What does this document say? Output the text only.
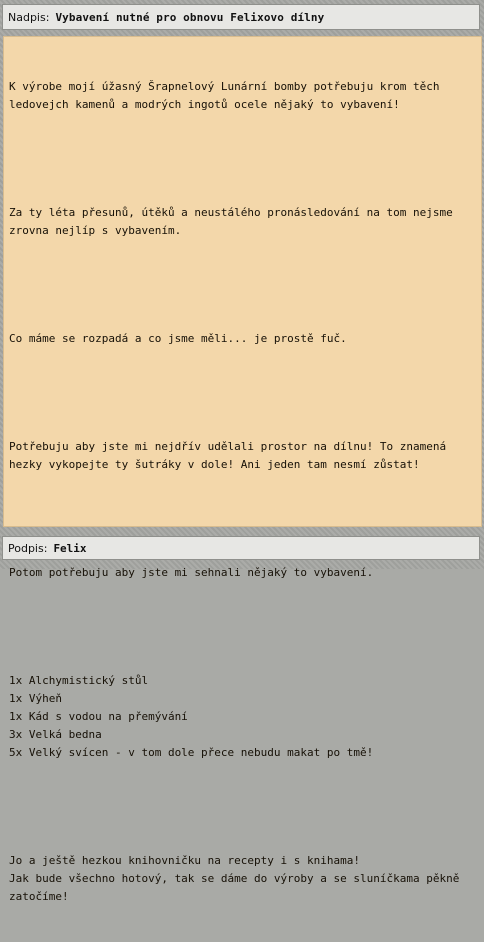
Nadpis: Vybavení nutné pro obnovu Felixovo dílny

K výrobe mojí úžasný Šrapnelový Lunární bomby potřebuju krom těch ledovejch kamenů a modrých ingotů ocele nějaký to vybavení!

Za ty léta přesunů, útěků a neustálého pronásledování na tom nejsme zrovna nejlíp s vybavením.

Co máme se rozpadá a co jsme měli... je prostě fuč.

Potřebuju aby jste mi nejdřív udělali prostor na dílnu! To znamená hezky vykopejte ty šutráky v dole! Ani jeden tam nesmí zůstat!

Potom potřebuju aby jste mi sehnali nějaký to vybavení.

1x Alchymistický stůl
1x Výheň
1x Kád s vodou na přemývání
3x Velká bedna
5x Velký svícen - v tom dole přece nebudu makat po tmě!

Jo a ještě hezkou knihovničku na recepty i s knihama!
Jak bude všechno hotový, tak se dáme do výroby a se sluníčkama pěkně zatočíme!

Podpis: Felix
